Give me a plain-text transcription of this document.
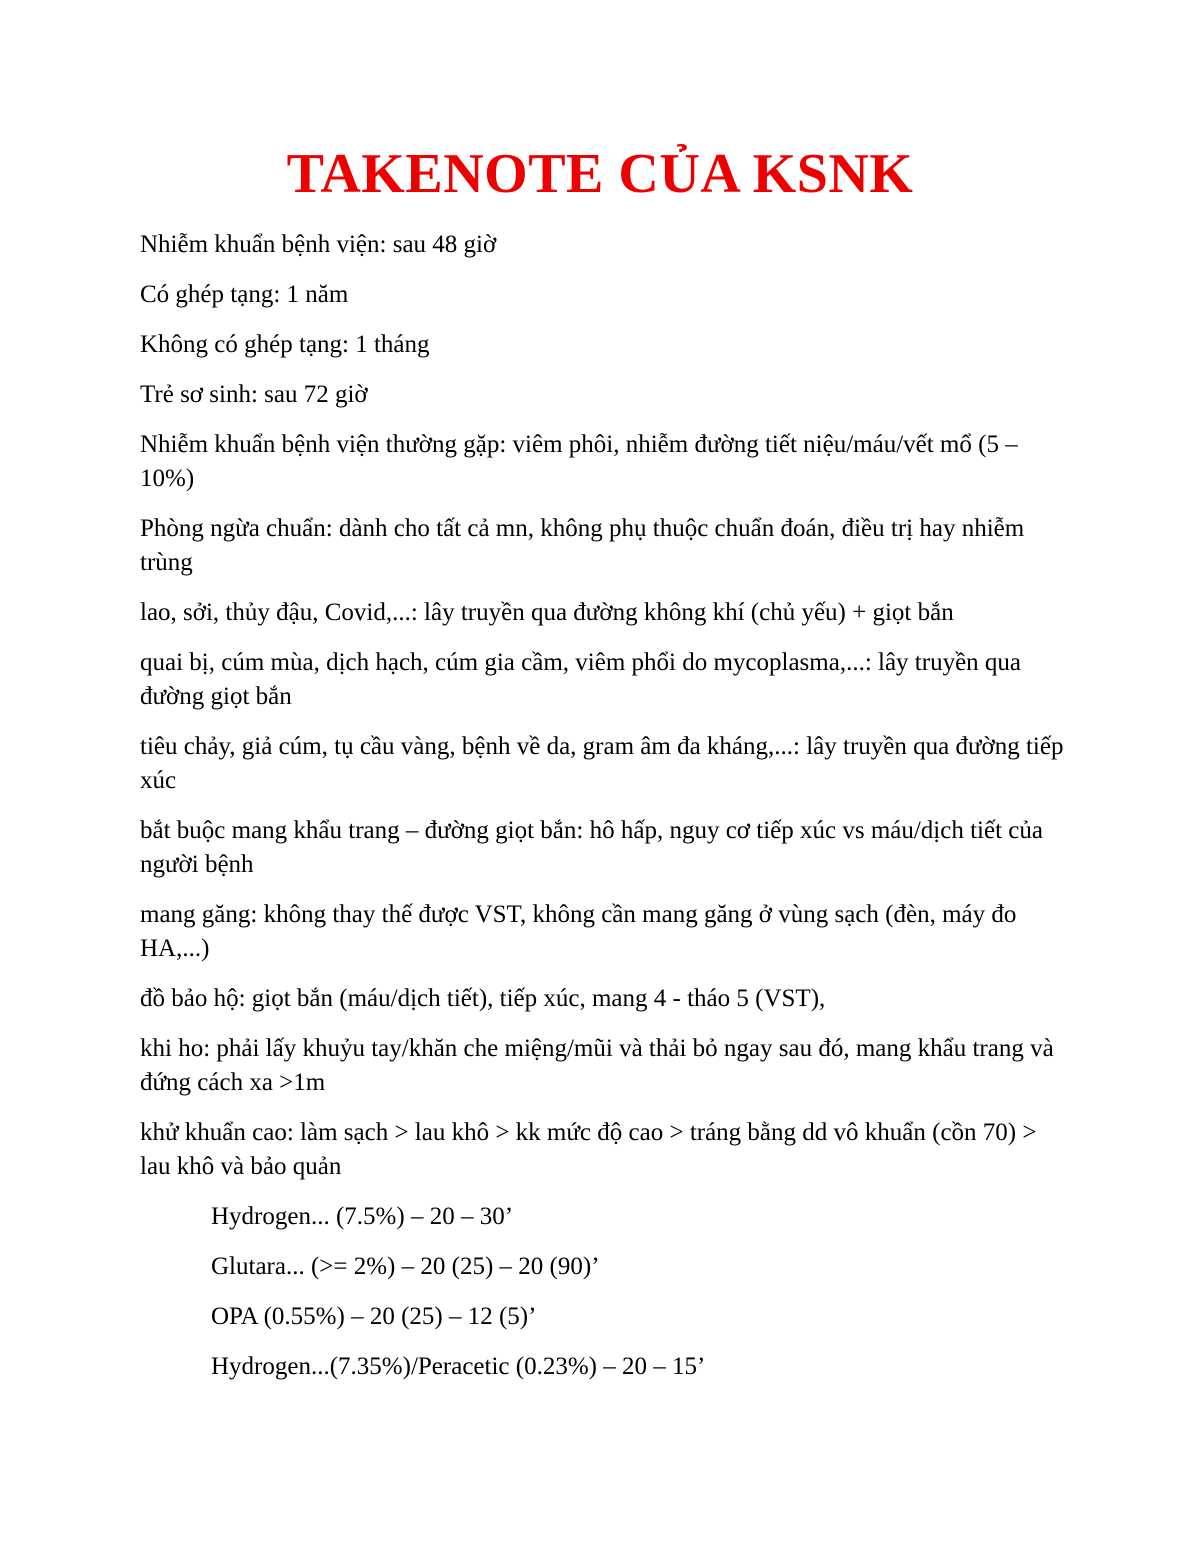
TAKENOTE CỦA KSNK

Nhiễm khuẩn bệnh viện: sau 48 giờ

Có ghép tạng: 1 năm

Không có ghép tạng: 1 tháng

Trẻ sơ sinh: sau 72 giờ

Nhiễm khuẩn bệnh viện thường gặp: viêm phôi, nhiễm đường tiết niệu/máu/vết mổ (5 – 10%)

Phòng ngừa chuẩn: dành cho tất cả mn, không phụ thuộc chuẩn đoán, điều trị hay nhiễm trùng

lao, sởi, thủy đậu, Covid,...: lây truyền qua đường không khí (chủ yếu) + giọt bắn

quai bị, cúm mùa, dịch hạch, cúm gia cầm, viêm phổi do mycoplasma,...: lây truyền qua đường giọt bắn

tiêu chảy, giả cúm, tụ cầu vàng, bệnh về da, gram âm đa kháng,...: lây truyền qua đường tiếp xúc

bắt buộc mang khẩu trang – đường giọt bắn: hô hấp, nguy cơ tiếp xúc vs máu/dịch tiết của người bệnh

mang găng: không thay thế được VST, không cần mang găng ở vùng sạch (đèn, máy đo HA,...)

đồ bảo hộ: giọt bắn (máu/dịch tiết), tiếp xúc, mang 4 - tháo 5 (VST),

khi ho: phải lấy khuỷu tay/khăn che miệng/mũi và thải bỏ ngay sau đó, mang khẩu trang và đứng cách xa >1m

khử khuẩn cao: làm sạch > lau khô > kk mức độ cao > tráng bằng dd vô khuẩn (cồn 70) > lau khô và bảo quản

Hydrogen... (7.5%) – 20 – 30’

Glutara... (>= 2%) – 20 (25) – 20 (90)’

OPA (0.55%) – 20 (25) – 12 (5)’

Hydrogen...(7.35%)/Peracetic (0.23%) – 20 – 15’
